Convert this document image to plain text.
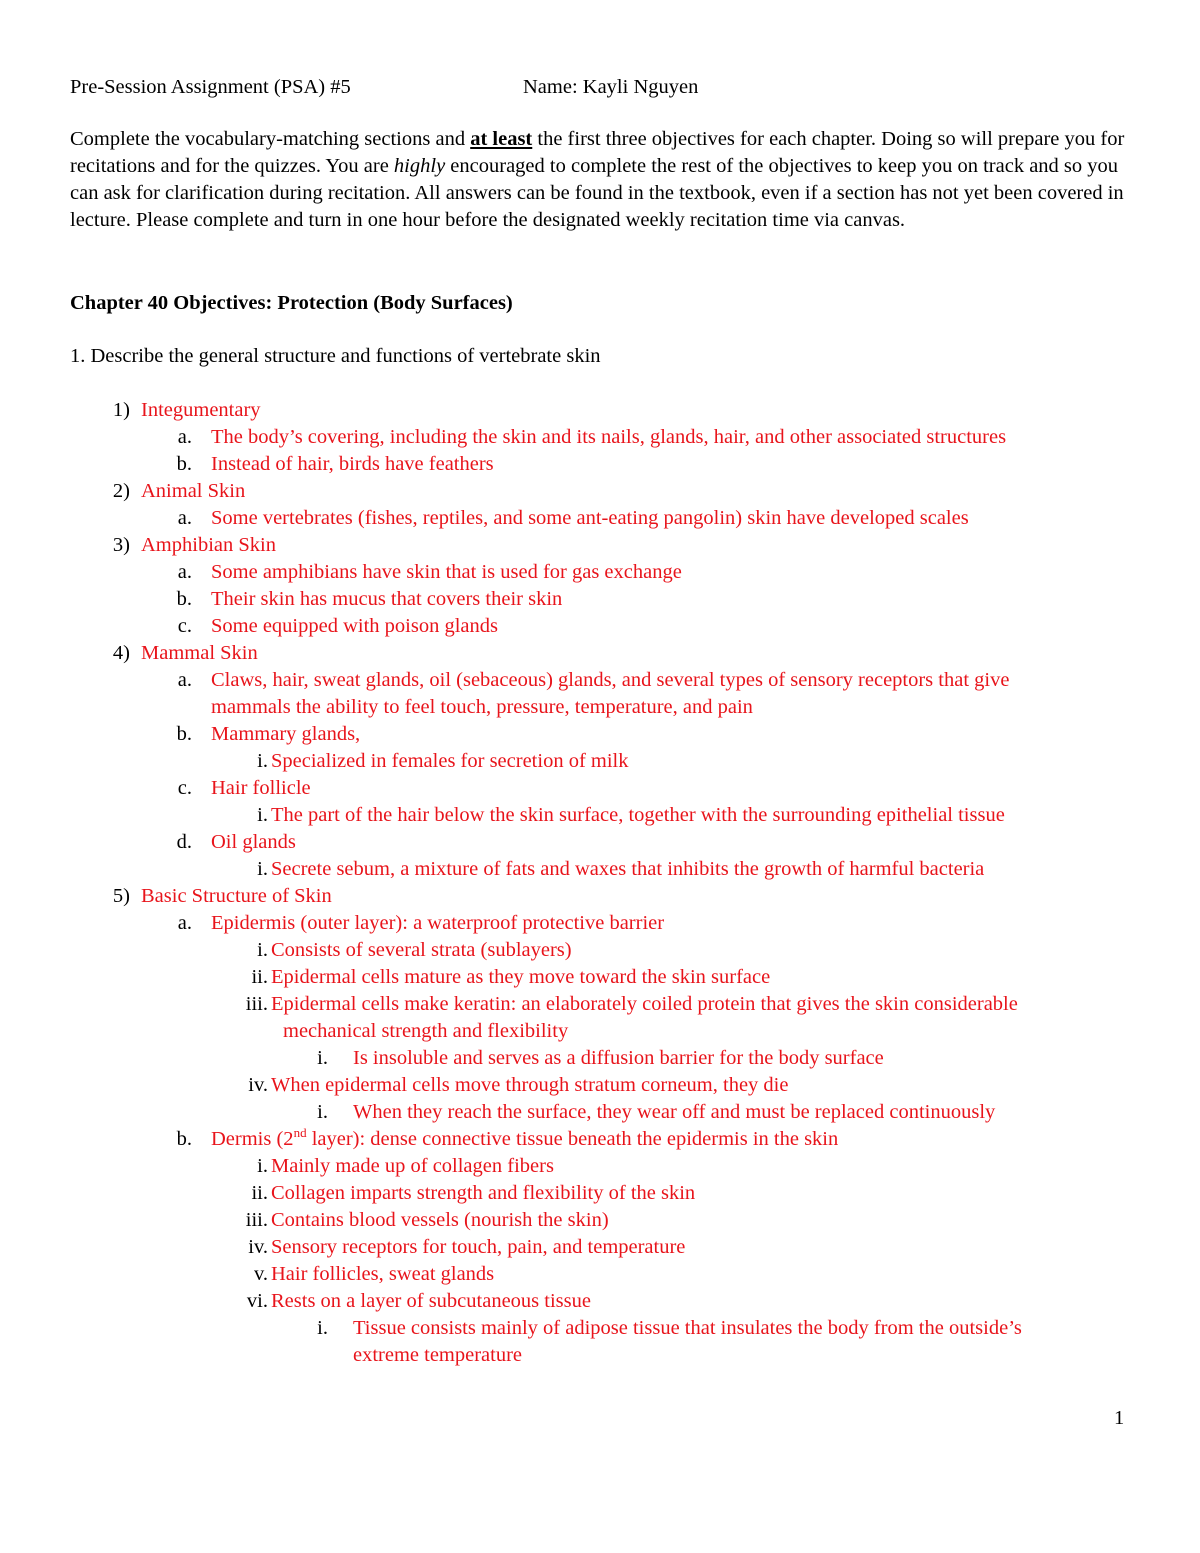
Pre-Session Assignment (PSA) #5	Name: Kayli Nguyen
Complete the vocabulary-matching sections and at least the first three objectives for each chapter. Doing so will prepare you for recitations and for the quizzes. You are highly encouraged to complete the rest of the objectives to keep you on track and so you can ask for clarification during recitation. All answers can be found in the textbook, even if a section has not yet been covered in lecture. Please complete and turn in one hour before the designated weekly recitation time via canvas.
Chapter 40 Objectives: Protection (Body Surfaces)
1. Describe the general structure and functions of vertebrate skin
1) Integumentary
a. The body’s covering, including the skin and its nails, glands, hair, and other associated structures
b. Instead of hair, birds have feathers
2) Animal Skin
a. Some vertebrates (fishes, reptiles, and some ant-eating pangolin) skin have developed scales
3) Amphibian Skin
a. Some amphibians have skin that is used for gas exchange
b. Their skin has mucus that covers their skin
c. Some equipped with poison glands
4) Mammal Skin
a. Claws, hair, sweat glands, oil (sebaceous) glands, and several types of sensory receptors that give
mammals the ability to feel touch, pressure, temperature, and pain
b. Mammary glands,
i. Specialized in females for secretion of milk
c. Hair follicle
i. The part of the hair below the skin surface, together with the surrounding epithelial tissue
d. Oil glands
i. Secrete sebum, a mixture of fats and waxes that inhibits the growth of harmful bacteria
5) Basic Structure of Skin
a. Epidermis (outer layer): a waterproof protective barrier
i. Consists of several strata (sublayers)
ii. Epidermal cells mature as they move toward the skin surface
iii. Epidermal cells make keratin: an elaborately coiled protein that gives the skin considerable
mechanical strength and flexibility
i. Is insoluble and serves as a diffusion barrier for the body surface
iv. When epidermal cells move through stratum corneum, they die
i. When they reach the surface, they wear off and must be replaced continuously
b. Dermis (2nd layer): dense connective tissue beneath the epidermis in the skin
i. Mainly made up of collagen fibers
ii. Collagen imparts strength and flexibility of the skin
iii. Contains blood vessels (nourish the skin)
iv. Sensory receptors for touch, pain, and temperature
v. Hair follicles, sweat glands
vi. Rests on a layer of subcutaneous tissue
i. Tissue consists mainly of adipose tissue that insulates the body from the outside’s
extreme temperature
1
